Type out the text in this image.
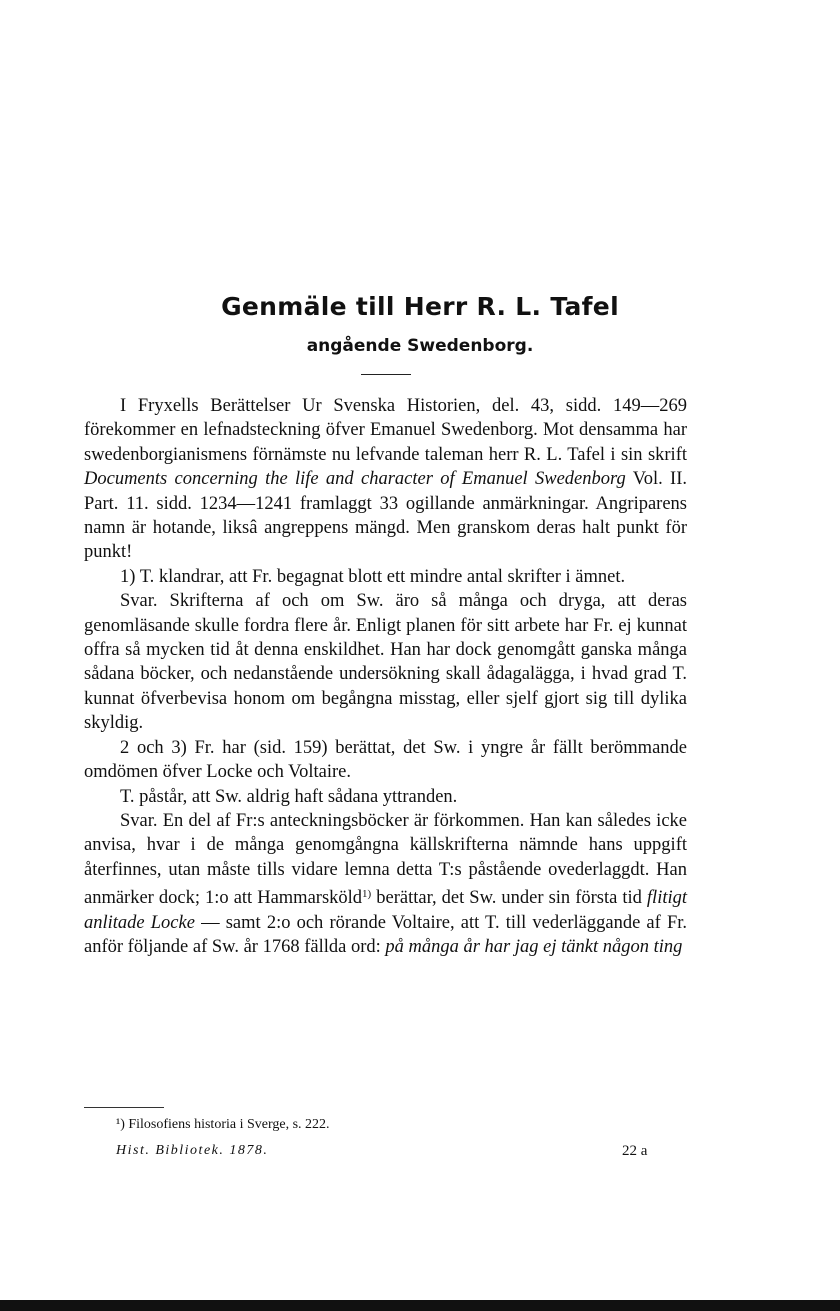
Genmäle till Herr R. L. Tafel
angående Swedenborg.

I Fryxells Berättelser Ur Svenska Historien, del. 43, sidd. 149—269 förekommer en lefnadsteckning öfver Emanuel Swedenborg. Mot densamma har swedenborgianismens förnämste nu lefvande taleman herr R. L. Tafel i sin skrift Documents concerning the life and character of Emanuel Swedenborg Vol. II. Part. 11. sidd. 1234—1241 framlaggt 33 ogillande anmärkningar. Angriparens namn är hotande, liksâ angreppens mängd. Men granskom deras halt punkt för punkt!

1) T. klandrar, att Fr. begagnat blott ett mindre antal skrifter i ämnet.

Svar. Skrifterna af och om Sw. äro så många och dryga, att deras genomläsande skulle fordra flere år. Enligt planen för sitt arbete har Fr. ej kunnat offra så mycken tid åt denna enskildhet. Han har dock genomgått ganska många sådana böcker, och nedanstående undersökning skall ådagalägga, i hvad grad T. kunnat öfverbevisa honom om begångna misstag, eller sjelf gjort sig till dylika skyldig.

2 och 3) Fr. har (sid. 159) berättat, det Sw. i yngre år fällt berömmande omdömen öfver Locke och Voltaire.

T. påstår, att Sw. aldrig haft sådana yttranden.

Svar. En del af Fr:s anteckningsböcker är förkommen. Han kan således icke anvisa, hvar i de många genomgångna källskrifterna nämnde hans uppgift återfinnes, utan måste tills vidare lemna detta T:s påstående ovederlaggdt. Han anmärker dock; 1:o att Hammarsköld$^{1)}$ berättar, det Sw. under sin första tid flitigt anlitade Locke — samt 2:o och rörande Voltaire, att T. till vederläggande af Fr. anför följande af Sw. år 1768 fällda ord: på många år har jag ej tänkt någon ting

¹) Filosofiens historia i Sverge, s. 222.

Hist. Bibliotek. 1878.	22 a
